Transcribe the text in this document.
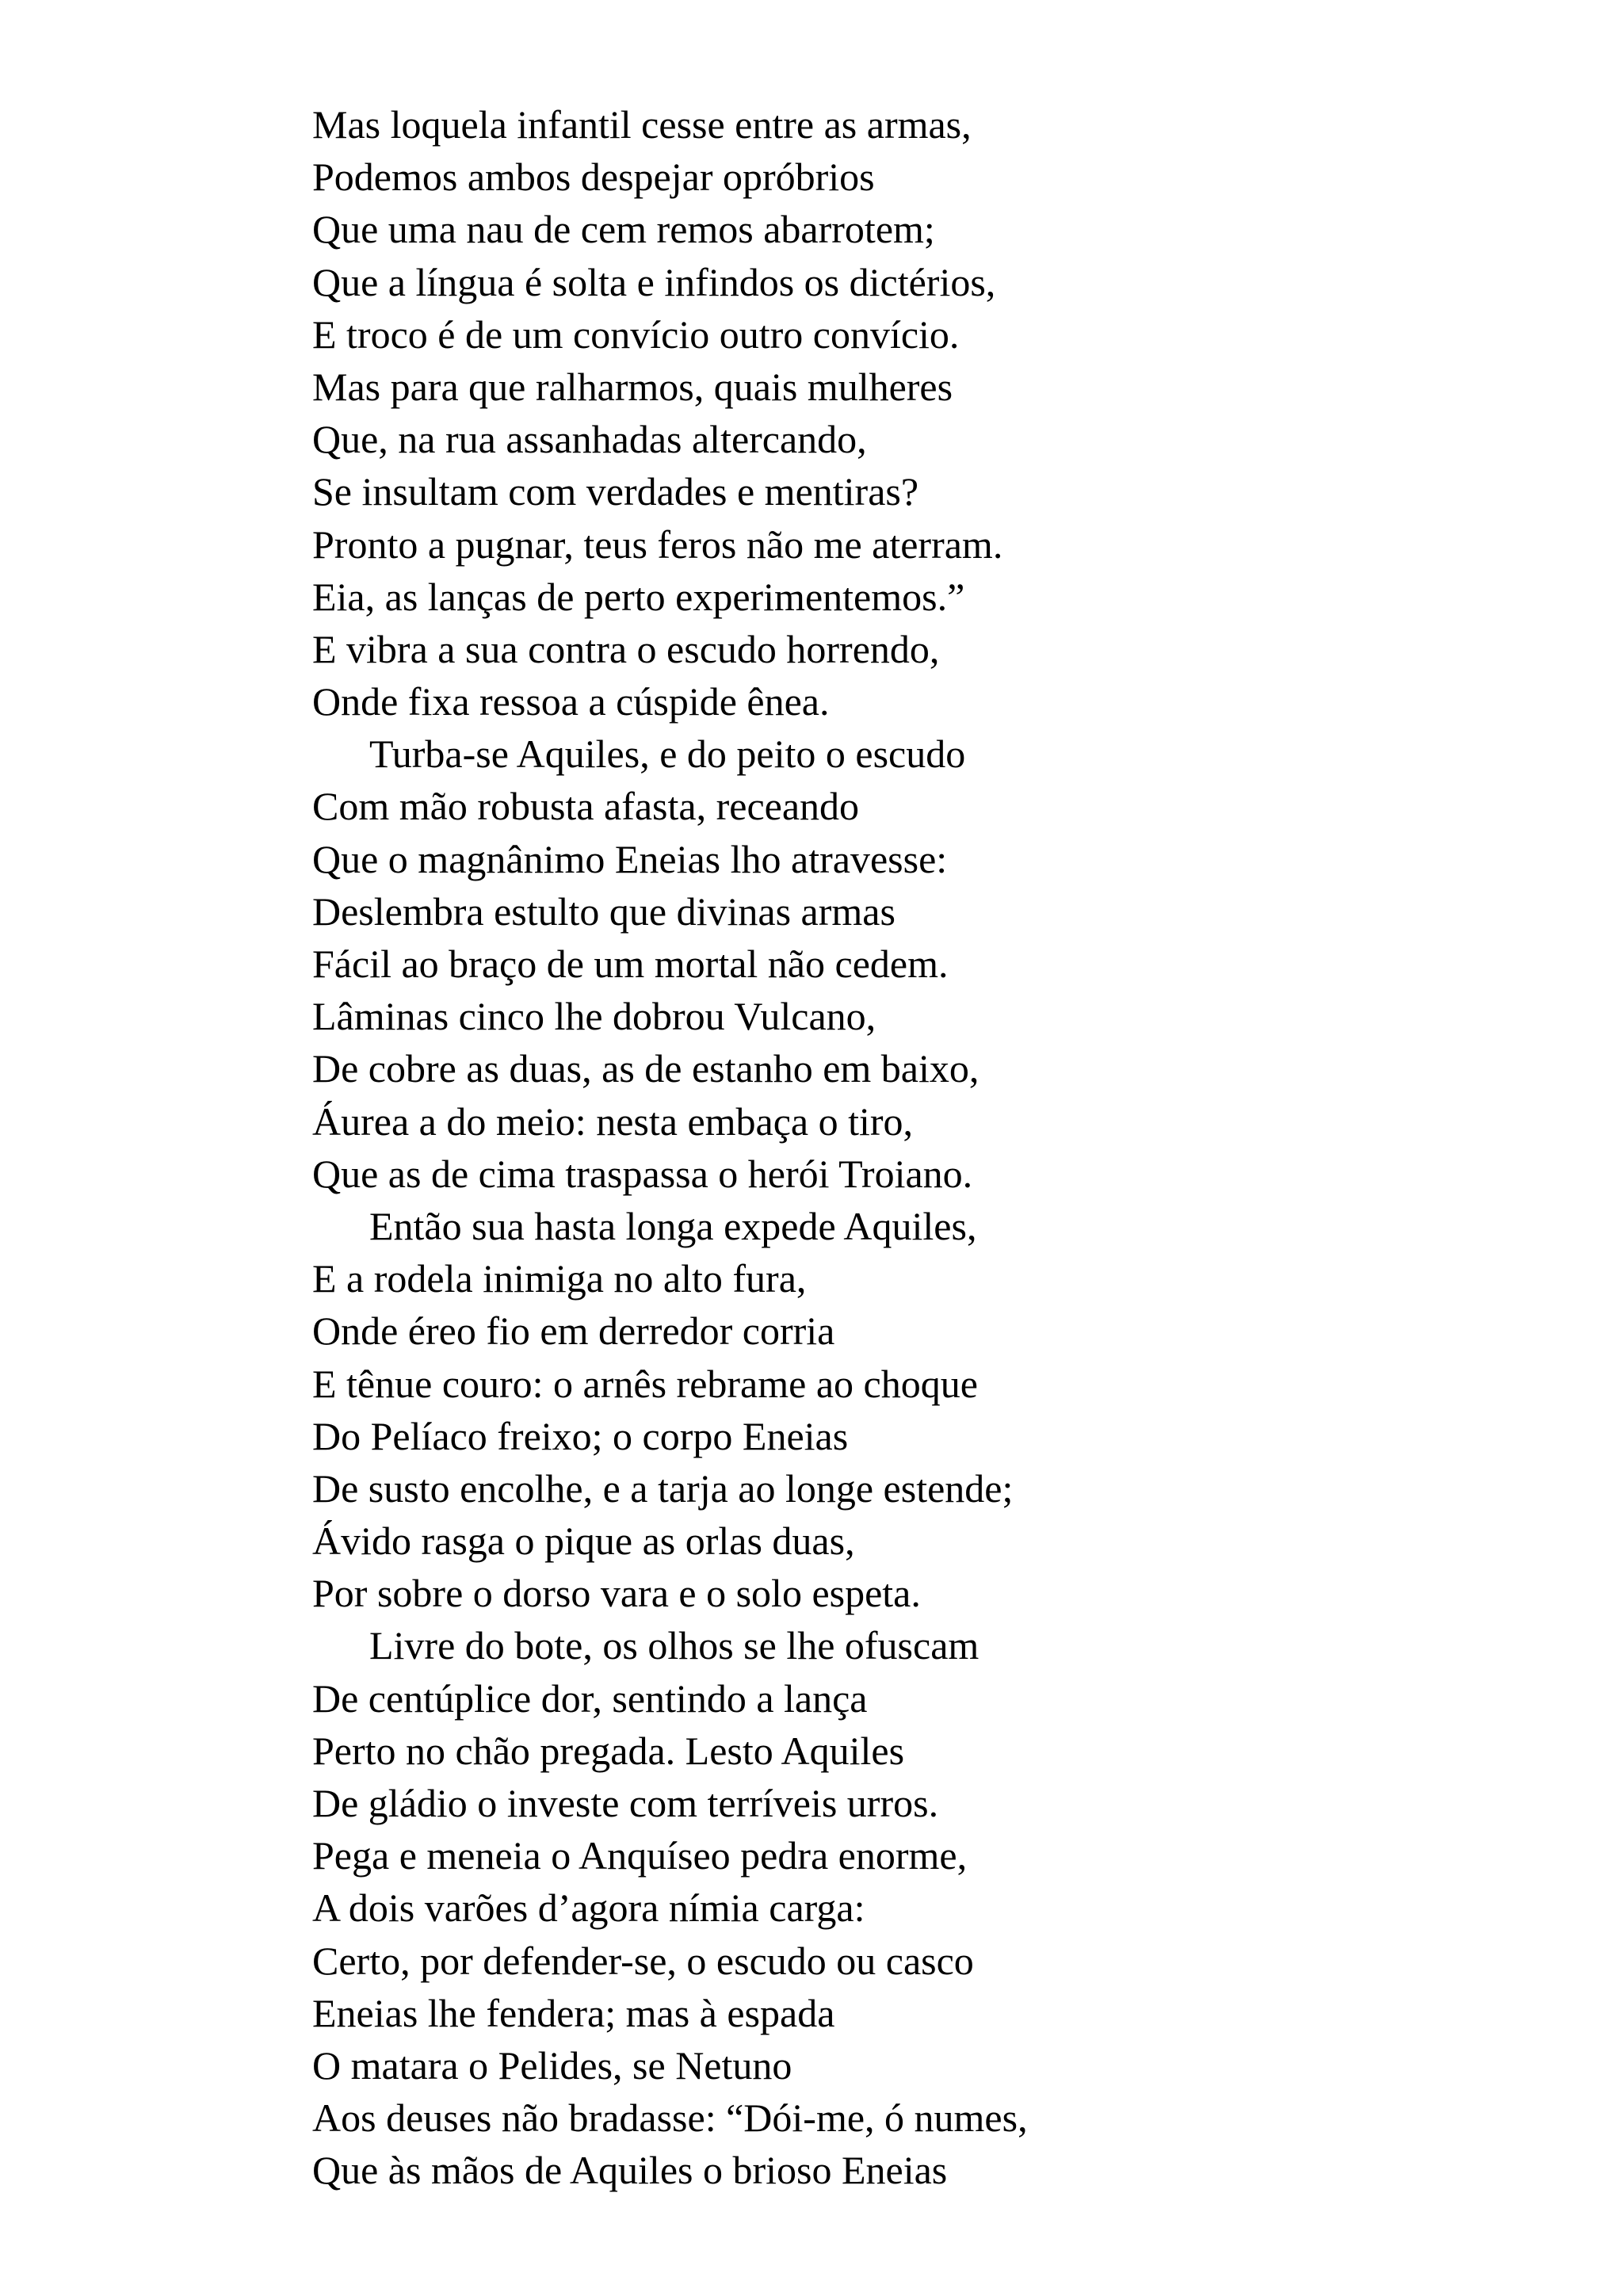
Mas loquela infantil cesse entre as armas,
Podemos ambos despejar opróbrios
Que uma nau de cem remos abarrotem;
Que a língua é solta e infindos os dictérios,
E troco é de um convício outro convício.
Mas para que ralharmos, quais mulheres
Que, na rua assanhadas altercando,
Se insultam com verdades e mentiras?
Pronto a pugnar, teus feros não me aterram.
Eia, as lanças de perto experimentemos.”
E vibra a sua contra o escudo horrendo,
Onde fixa ressoa a cúspide ênea.
Turba-se Aquiles, e do peito o escudo
Com mão robusta afasta, receando
Que o magnânimo Eneias lho atravesse:
Deslembra estulto que divinas armas
Fácil ao braço de um mortal não cedem.
Lâminas cinco lhe dobrou Vulcano,
De cobre as duas, as de estanho em baixo,
Áurea a do meio: nesta embaça o tiro,
Que as de cima traspassa o herói Troiano.
Então sua hasta longa expede Aquiles,
E a rodela inimiga no alto fura,
Onde éreo fio em derredor corria
E tênue couro: o arnês rebrame ao choque
Do Pelíaco freixo; o corpo Eneias
De susto encolhe, e a tarja ao longe estende;
Ávido rasga o pique as orlas duas,
Por sobre o dorso vara e o solo espeta.
Livre do bote, os olhos se lhe ofuscam
De centúplice dor, sentindo a lança
Perto no chão pregada. Lesto Aquiles
De gládio o investe com terríveis urros.
Pega e meneia o Anquíseo pedra enorme,
A dois varões d’agora nímia carga:
Certo, por defender-se, o escudo ou casco
Eneias lhe fendera; mas à espada
O matara o Pelides, se Netuno
Aos deuses não bradasse: “Dói-me, ó numes,
Que às mãos de Aquiles o brioso Eneias
